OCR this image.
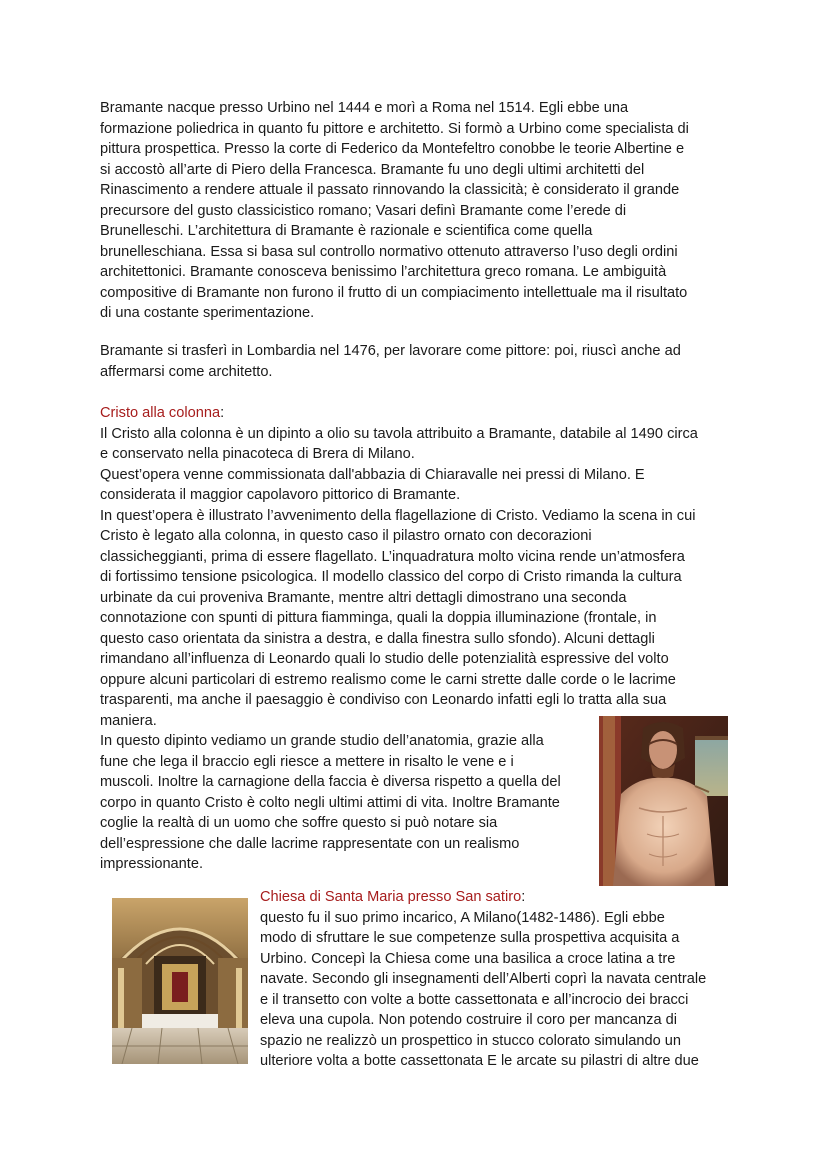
Bramante nacque presso Urbino nel 1444 e morì a Roma nel 1514. Egli ebbe una

formazione poliedrica in quanto fu pittore e architetto. Si formò a Urbino come specialista di

pittura prospettica. Presso la corte di Federico da Montefeltro conobbe le teorie Albertine e

si accostò all’arte di Piero della Francesca. Bramante fu uno degli ultimi architetti del

Rinascimento a rendere attuale il passato rinnovando la classicità; è considerato il grande

precursore del gusto classicistico romano; Vasari definì Bramante come l’erede di

Brunelleschi. L’architettura di Bramante è razionale e scientifica come quella

brunelleschiana. Essa si basa sul controllo normativo ottenuto attraverso l’uso degli ordini

architettonici. Bramante conosceva benissimo l’architettura greco romana. Le ambiguità

compositive di Bramante non furono il frutto di un compiacimento intellettuale ma il risultato

di una costante sperimentazione.

Bramante si trasferì in Lombardia nel 1476, per lavorare come pittore: poi, riuscì anche ad

affermarsi come architetto.

Cristo alla colonna:

Il Cristo alla colonna è un dipinto a olio su tavola attribuito a Bramante, databile al 1490 circa

e conservato nella pinacoteca di Brera di Milano.

Quest’opera venne commissionata dall'abbazia di Chiaravalle nei pressi di Milano. E

considerata il maggior capolavoro pittorico di Bramante.

In quest’opera è illustrato l’avvenimento della flagellazione di Cristo. Vediamo la scena in cui

Cristo è legato alla colonna, in questo caso il pilastro ornato con decorazioni

classicheggianti, prima di essere flagellato. L’inquadratura molto vicina rende un’atmosfera

di fortissimo tensione psicologica. Il modello classico del corpo di Cristo rimanda la cultura

urbinate da cui proveniva Bramante, mentre altri dettagli dimostrano una seconda

connotazione con spunti di pittura fiamminga, quali la doppia illuminazione (frontale, in

questo caso orientata da sinistra a destra, e dalla finestra sullo sfondo). Alcuni dettagli

rimandano all’influenza di Leonardo quali lo studio delle potenzialità espressive del volto

oppure alcuni particolari di estremo realismo come le carni strette dalle corde o le lacrime

trasparenti, ma anche il paesaggio è condiviso con Leonardo infatti egli lo tratta alla sua

maniera.

In questo dipinto vediamo un grande studio dell’anatomia, grazie alla

fune che lega il braccio egli riesce a mettere in risalto le vene e i

muscoli. Inoltre la carnagione della faccia è diversa rispetto a quella del

corpo in quanto Cristo è colto negli ultimi attimi di vita. Inoltre Bramante

coglie la realtà di un uomo che soffre questo si può notare sia

dell’espressione che dalle lacrime rappresentate con un realismo

impressionante.

Chiesa di Santa Maria presso San satiro:

questo fu il suo primo incarico, A Milano(1482-1486). Egli ebbe

modo di sfruttare le sue competenze sulla prospettiva acquisita a

Urbino. Concepì la Chiesa come una basilica a croce latina a tre

navate. Secondo gli insegnamenti dell’Alberti coprì la navata centrale

e il transetto con volte a botte cassettonata e all’incrocio dei bracci

eleva una cupola. Non potendo costruire il coro per mancanza di

spazio ne realizzò un prospettico in stucco colorato simulando un

ulteriore volta a botte cassettonata E le arcate su pilastri di altre due
